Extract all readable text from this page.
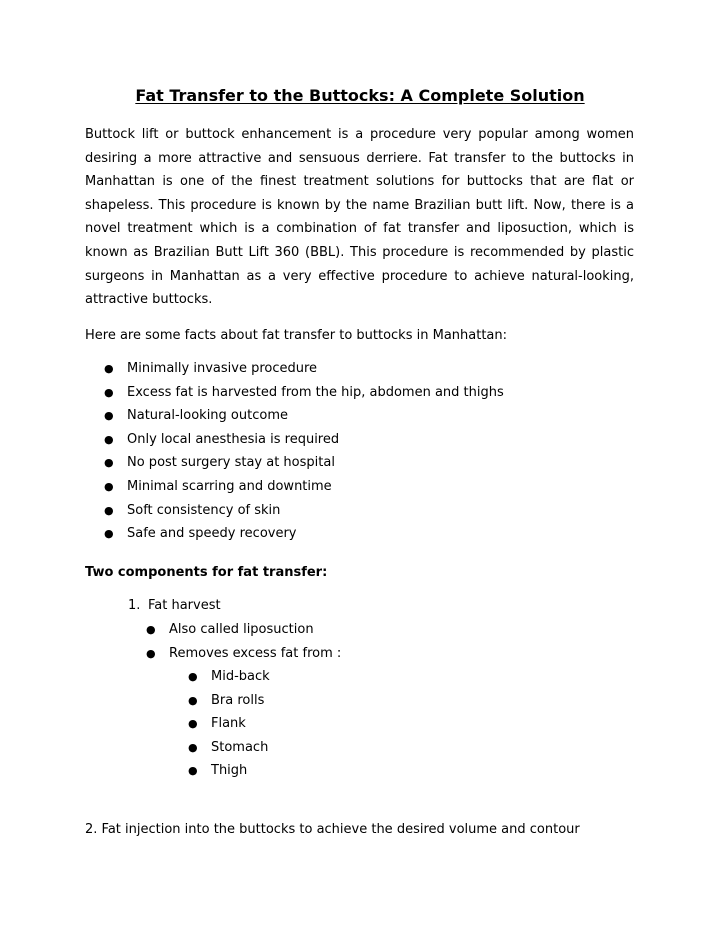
Fat Transfer to the Buttocks: A Complete Solution

Buttock lift or buttock enhancement is a procedure very popular among women desiring a more attractive and sensuous derriere. Fat transfer to the buttocks in Manhattan is one of the finest treatment solutions for buttocks that are flat or shapeless. This procedure is known by the name Brazilian butt lift. Now, there is a novel treatment which is a combination of fat transfer and liposuction, which is known as Brazilian Butt Lift 360 (BBL). This procedure is recommended by plastic surgeons in Manhattan as a very effective procedure to achieve natural-looking, attractive buttocks.

Here are some facts about fat transfer to buttocks in Manhattan:

● Minimally invasive procedure
● Excess fat is harvested from the hip, abdomen and thighs
● Natural-looking outcome
● Only local anesthesia is required
● No post surgery stay at hospital
● Minimal scarring and downtime
● Soft consistency of skin
● Safe and speedy recovery

Two components for fat transfer:

1. Fat harvest
● Also called liposuction
● Removes excess fat from :
● Mid-back
● Bra rolls
● Flank
● Stomach
● Thigh

2. Fat injection into the buttocks to achieve the desired volume and contour
